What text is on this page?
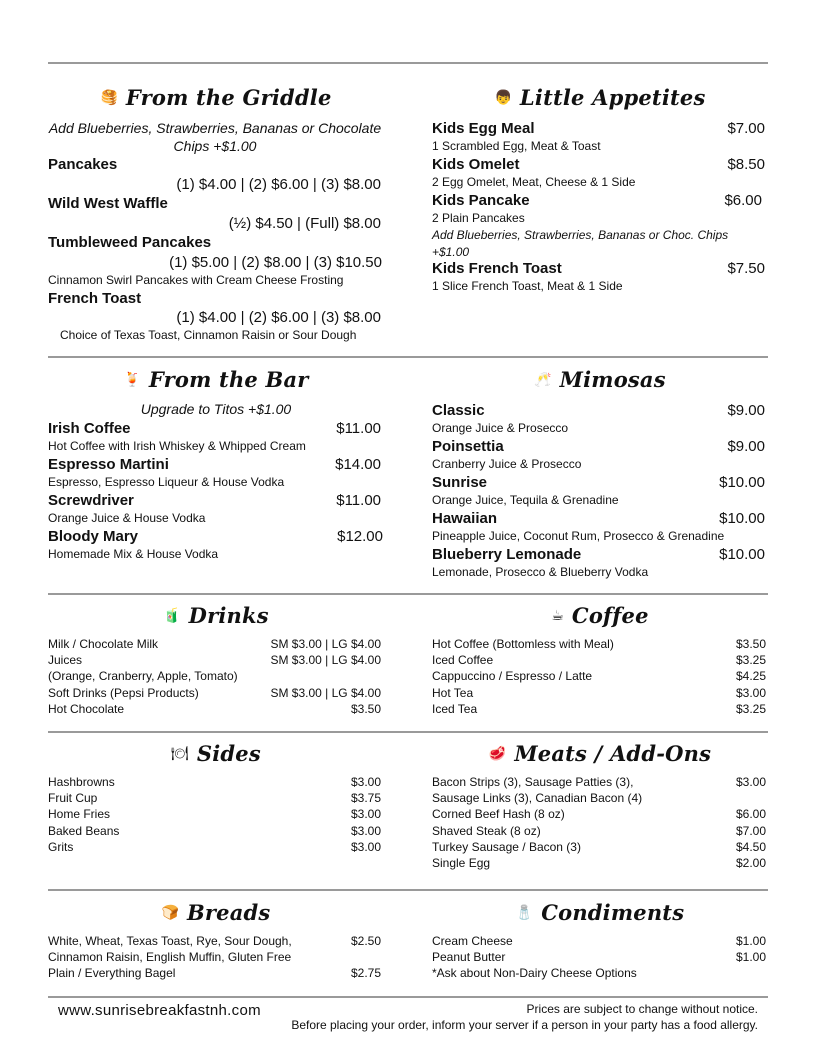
🥞 From the Griddle
Add Blueberries, Strawberries, Bananas or Chocolate Chips +$1.00
Pancakes
(1) $4.00 | (2) $6.00 | (3) $8.00
Wild West Waffle
(½) $4.50 | (Full) $8.00
Tumbleweed Pancakes
(1) $5.00 | (2) $8.00 | (3) $10.50
Cinnamon Swirl Pancakes with Cream Cheese Frosting
French Toast
(1) $4.00 | (2) $6.00 | (3) $8.00
Choice of Texas Toast, Cinnamon Raisin or Sour Dough
👦 Little Appetites
Kids Egg Meal	$7.00
1 Scrambled Egg, Meat & Toast
Kids Omelet	$8.50
2 Egg Omelet, Meat, Cheese & 1 Side
Kids Pancake	$6.00
2 Plain Pancakes
Add Blueberries, Strawberries, Bananas or Choc. Chips +$1.00
Kids French Toast	$7.50
1 Slice French Toast, Meat & 1 Side
🍹 From the Bar
Upgrade to Titos +$1.00
Irish Coffee	$11.00
Hot Coffee with Irish Whiskey & Whipped Cream
Espresso Martini	$14.00
Espresso, Espresso Liqueur & House Vodka
Screwdriver	$11.00
Orange Juice & House Vodka
Bloody Mary	$12.00
Homemade Mix & House Vodka
🥂 Mimosas
Classic	$9.00
Orange Juice & Prosecco
Poinsettia	$9.00
Cranberry Juice & Prosecco
Sunrise	$10.00
Orange Juice, Tequila & Grenadine
Hawaiian	$10.00
Pineapple Juice, Coconut Rum, Prosecco & Grenadine
Blueberry Lemonade	$10.00
Lemonade, Prosecco & Blueberry Vodka
🧃 Drinks
Milk / Chocolate Milk	SM $3.00 | LG $4.00
Juices	SM $3.00 | LG $4.00
(Orange, Cranberry, Apple, Tomato)
Soft Drinks (Pepsi Products)	SM $3.00 | LG $4.00
Hot Chocolate	$3.50
☕ Coffee
Hot Coffee (Bottomless with Meal)	$3.50
Iced Coffee	$3.25
Cappuccino / Espresso / Latte	$4.25
Hot Tea	$3.00
Iced Tea	$3.25
🍽 Sides
Hashbrowns	$3.00
Fruit Cup	$3.75
Home Fries	$3.00
Baked Beans	$3.00
Grits	$3.00
🥩 Meats / Add-Ons
Bacon Strips (3), Sausage Patties (3),	$3.00
Sausage Links (3), Canadian Bacon (4)
Corned Beef Hash (8 oz)	$6.00
Shaved Steak (8 oz)	$7.00
Turkey Sausage / Bacon (3)	$4.50
Single Egg	$2.00
🍞 Breads
White, Wheat, Texas Toast, Rye, Sour Dough,	$2.50
Cinnamon Raisin, English Muffin, Gluten Free
Plain / Everything Bagel	$2.75
🧂 Condiments
Cream Cheese	$1.00
Peanut Butter	$1.00
*Ask about Non-Dairy Cheese Options
www.sunrisebreakfastnh.com	Prices are subject to change without notice.
Before placing your order, inform your server if a person in your party has a food allergy.
